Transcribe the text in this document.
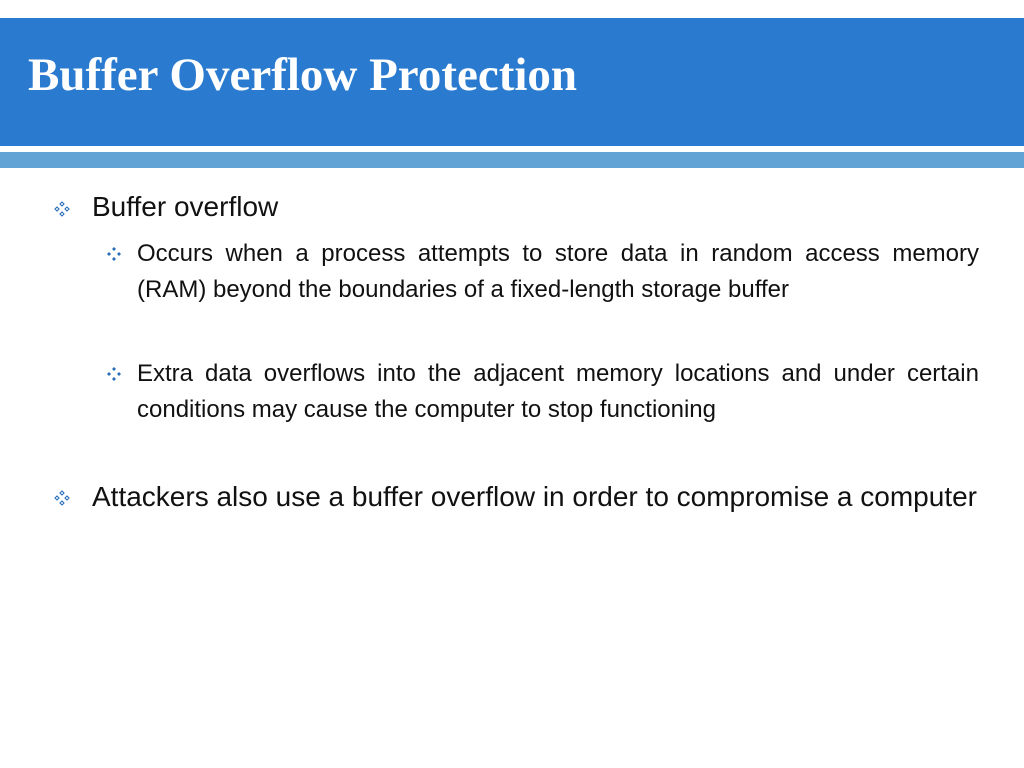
Buffer Overflow Protection
Buffer overflow
Occurs when a process attempts to store data in random access memory (RAM) beyond the boundaries of a fixed-length storage buffer
Extra data overflows into the adjacent memory locations and under certain conditions may cause the computer to stop functioning
Attackers also use a buffer overflow in order to compromise a computer
